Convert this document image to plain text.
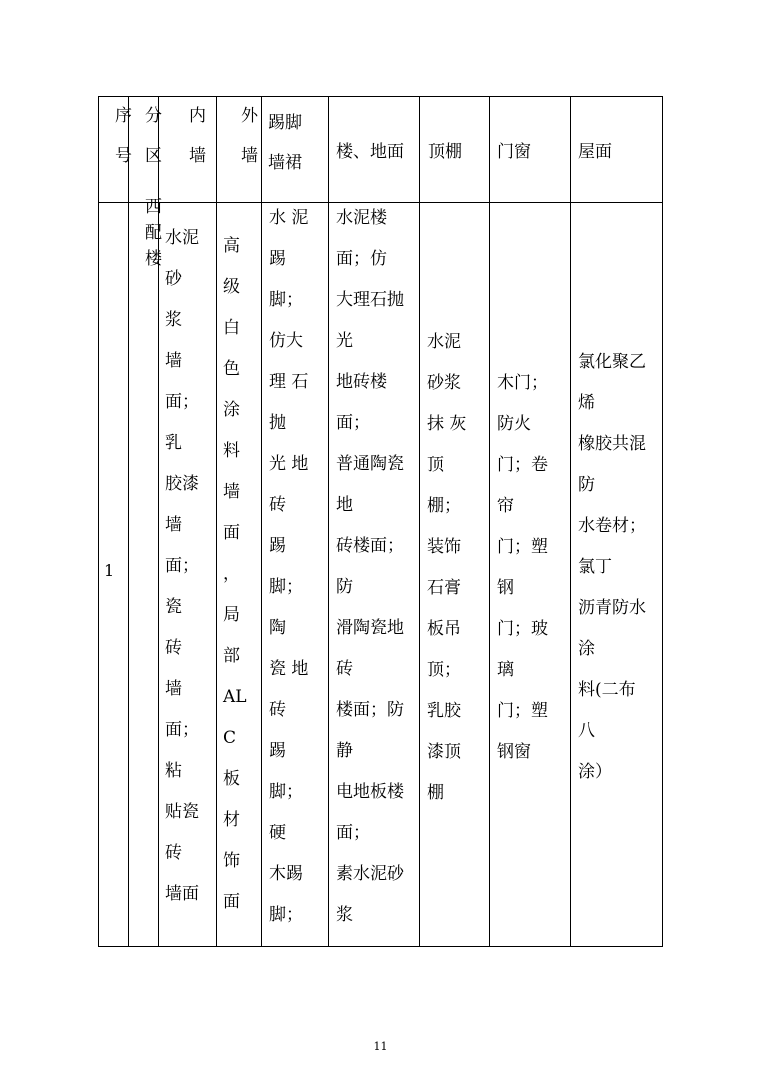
序
号
分
区
内
墙
外
墙
踢脚
墙裙
楼、地面 顶棚 门窗	屋面
1
西
配
楼
水泥
砂
浆
墙
面；
乳
胶漆
墙
面；
瓷
砖
墙
面；
粘
贴瓷
砖
墙面
高
级
白
色
涂
料
墙
面
，
局
部
AL
C
板
材
饰
面
水 泥
踢
脚；
仿大
理 石
抛
光 地
砖
踢
脚；
陶
瓷 地
砖
踢
脚；
硬
木踢
脚；
水泥楼
面；仿
大理石抛
光
地砖楼
面；
普通陶瓷
地
砖楼面；
防
滑陶瓷地
砖
楼面；防
静
电地板楼
面；
素水泥砂
浆
水泥
砂浆
抹 灰
顶
棚；
装饰
石膏
板吊
顶；
乳胶
漆顶
棚
木门；
防火
门；卷
帘
门；塑
钢
门；玻
璃
门；塑
钢窗
氯化聚乙
烯
橡胶共混
防
水卷材；
氯丁
沥青防水
涂
料(二布
八
涂）
11
